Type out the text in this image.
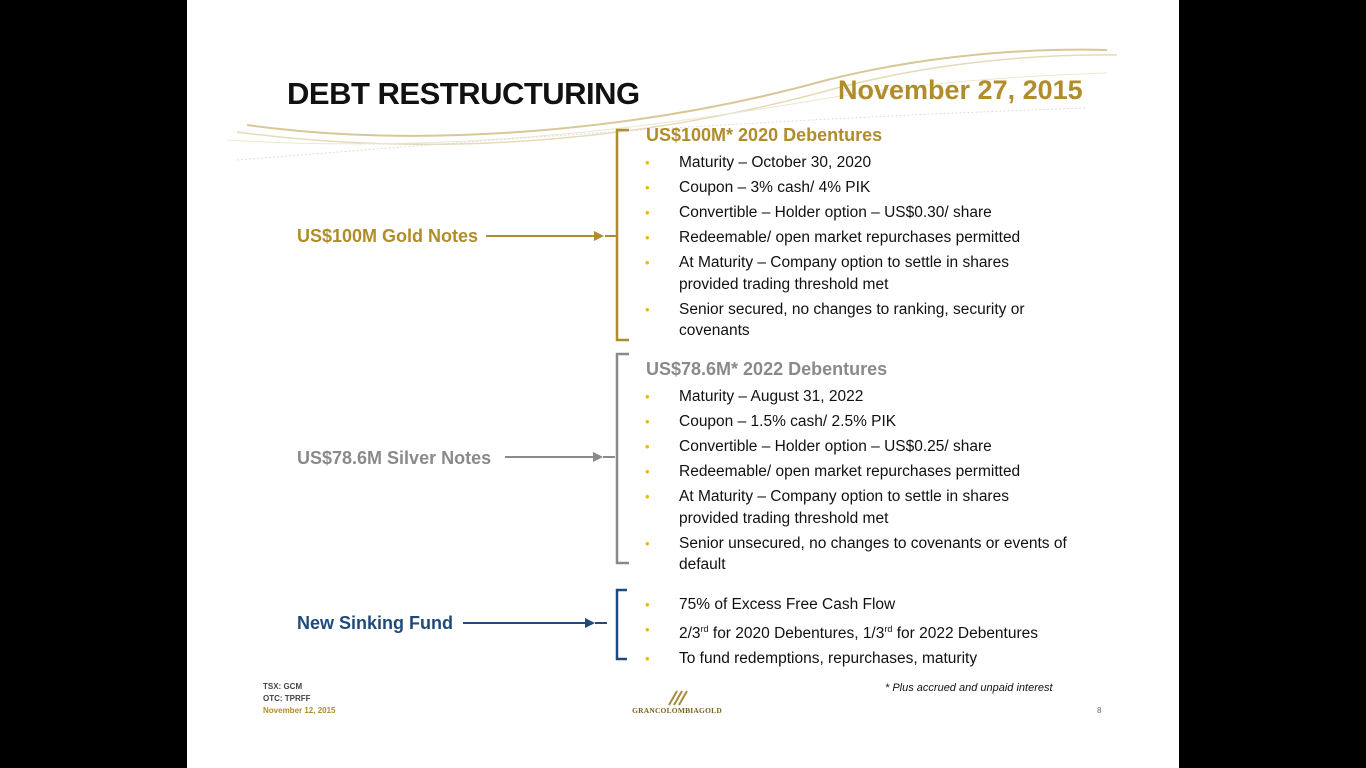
DEBT RESTRUCTURING	November 27, 2015
US$100M Gold Notes
US$100M* 2020 Debentures
• Maturity – October 30, 2020
• Coupon – 3% cash/ 4% PIK
• Convertible – Holder option – US$0.30/ share
• Redeemable/ open market repurchases permitted
• At Maturity – Company option to settle in shares provided trading threshold met
• Senior secured, no changes to ranking, security or covenants
US$78.6M Silver Notes
US$78.6M* 2022 Debentures
• Maturity – August 31, 2022
• Coupon – 1.5% cash/ 2.5% PIK
• Convertible – Holder option – US$0.25/ share
• Redeemable/ open market repurchases permitted
• At Maturity – Company option to settle in shares provided trading threshold met
• Senior unsecured, no changes to covenants or events of default
New Sinking Fund
• 75% of Excess Free Cash Flow
• 2/3rd for 2020 Debentures, 1/3rd for 2022 Debentures
• To fund redemptions, repurchases, maturity
TSX: GCM
OTC: TPRFF
November 12, 2015	GRANCOLOMBIAGOLD
* Plus accrued and unpaid interest
8
